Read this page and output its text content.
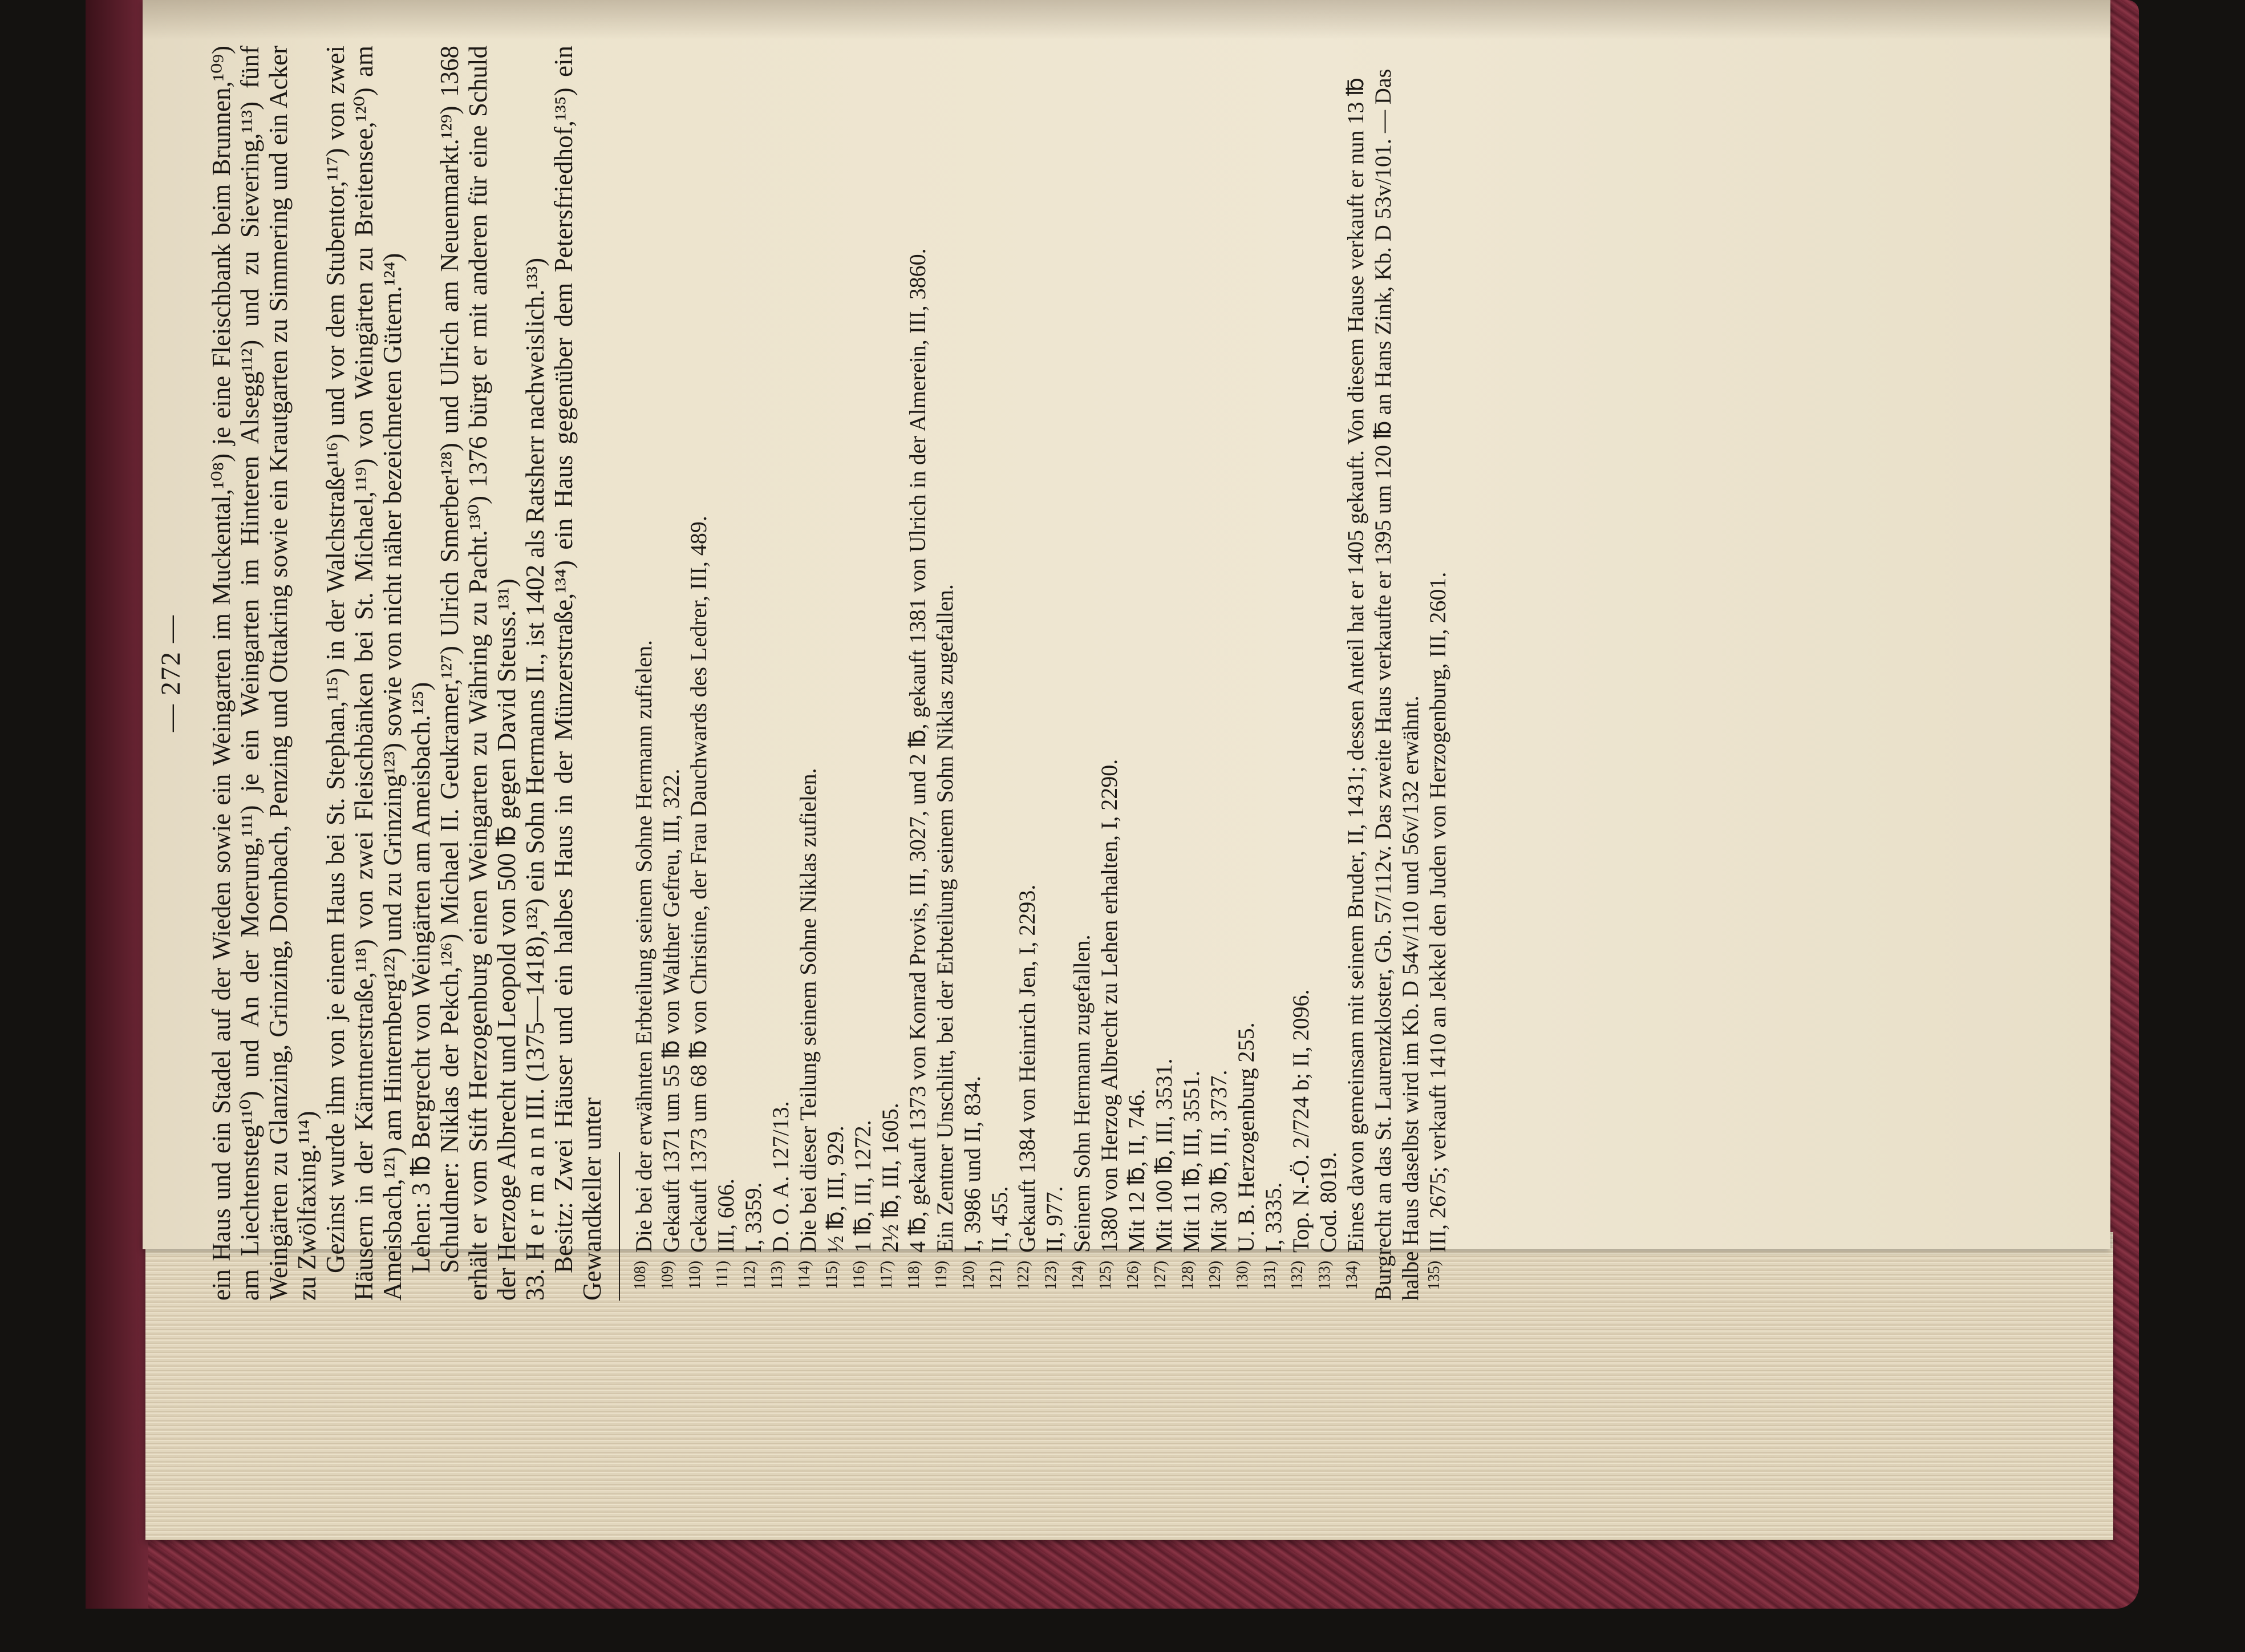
— 272 — ein Haus und ein Stadel auf der Wieden sowie ein Weingarten im Muckental,¹⁰⁸) je eine Fleischbank beim Brunnen,¹⁰⁹) am Liechtensteg¹¹⁰) und An der Moerung,¹¹¹) je ein Weingarten im Hinteren Alsegg¹¹²) und zu Sievering,¹¹³) fünf Weingärten zu Glanzing, Grinzing, Dornbach, Penzing und Ottakring sowie ein Krautgarten zu Simmering und ein Acker zu Zwölfaxing.¹¹⁴) Gezinst wurde ihm von je einem Haus bei St. Stephan,¹¹⁵) in der Walchstraße¹¹⁶) und vor dem Stubentor,¹¹⁷) von zwei Häusern in der Kärntnerstraße,¹¹⁸) von zwei Fleischbänken bei St. Michael,¹¹⁹) von Weingärten zu Breitensee,¹²⁰) am Ameisbach,¹²¹) am Hinternberg¹²²) und zu Grinzing¹²³) sowie von nicht näher bezeichneten Gütern.¹²⁴) Lehen: 3 ℔ Bergrecht von Weingärten am Ameisbach.¹²⁵) Schuldner: Niklas der Pekch,¹²⁶) Michael II. Geukramer,¹²⁷) Ulrich Smerber¹²⁸) und Ulrich am Neuenmarkt.¹²⁹) 1368 erhält er vom Stift Herzogenburg einen Weingarten zu Währing zu Pacht.¹³⁰) 1376 bürgt er mit anderen für eine Schuld der Herzoge Albrecht und Leopold von 500 ℔ gegen David Steuss.¹³¹) 33.
H e r m a n n III. (1375—1418),¹³²) ein Sohn Hermanns II., ist 1402 als Ratsherr nachweislich.¹³³) Besitz: Zwei Häuser und ein halbes Haus in der Münzerstraße,¹³⁴) ein Haus gegenüber dem Petersfriedhof,¹³⁵) ein Gewandkeller unter 108)Die bei der erwähnten Erbteilung seinem Sohne Hermann zufielen.

109)Gekauft 1371 um 55 ℔ von Walther Gefreu, III, 322.

110)Gekauft 1373 um 68 ℔ von Christine, der Frau Dauchwards des Ledrer, III, 489.

111)III, 606.

112)I, 3359.

113)D. O. A. 127/13.

114)Die bei dieser Teilung seinem Sohne Niklas zufielen.

115)½ ℔, III, 929.

116)1 ℔, III, 1272.

117)2½ ℔, III, 1605.

118)4 ℔, gekauft 1373 von Konrad Provis, III, 3027, und 2 ℔, gekauft 1381 von Ulrich in der Almerein, III, 3860.

119)Ein Zentner Unschlitt, bei der Erbteilung seinem Sohn Niklas zugefallen.

120)I, 3986 und II, 834.

121)II, 455.

122)Gekauft 1384 von Heinrich Jen, I, 2293.

123)II, 977.

124)Seinem Sohn Hermann zugefallen.

125)1380 von Herzog Albrecht zu Lehen erhalten, I, 2290.

126)Mit 12 ℔, II, 746.

127)Mit 100 ℔, III, 3531.

128)Mit 11 ℔, III, 3551.

129)Mit 30 ℔, III, 3737.

130)U. B. Herzogenburg 255.

131)I, 3335.

132)Top. N.-Ö. 2/724 b; II, 2096.

133)Cod. 8019.

134)Eines davon gemeinsam mit seinem Bruder, II, 1431; dessen Anteil hat er 1405 gekauft. Von diesem Hause verkauft er nun 13 ℔ Burgrecht an das St. Laurenzkloster, Gb. 57/112v. Das zweite Haus verkaufte er 1395 um 120 ℔ an Hans Zink, Kb. D 53v/101. — Das halbe Haus daselbst wird im Kb. D 54v/110 und 56v/132 erwähnt. 135)III, 2675; verkauft 1410 an Jekkel den Juden von Herzogenburg, III, 2601.
